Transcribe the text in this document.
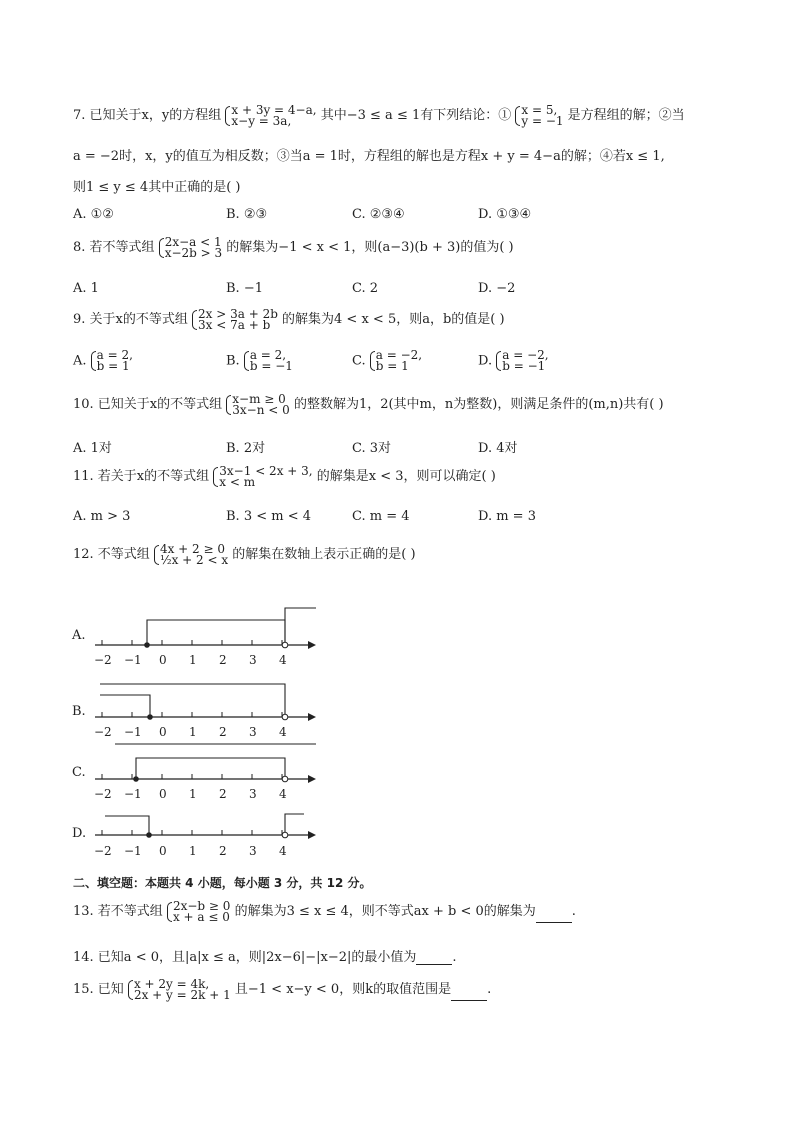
7. 已知关于x，y的方程组 x + 3y = 4−a,
x−y = 3a,	其中−3 ≤ a ≤ 1有下列结论：① x = 5,
y = −1 是方程组的解；②当
a = −2时，x，y的值互为相反数；③当a = 1时，方程组的解也是方程x + y = 4−a的解；④若x ≤ 1,
则1 ≤ y ≤ 4其中正确的是( )
A. ①②	B. ②③	C. ②③④	D. ①③④
8. 若不等式组 2x−a < 1
x−2b > 3 的解集为−1 < x < 1，则(a−3)(b + 3)的值为( )
A. 1	B. −1	C. 2	D. −2
9. 关于x的不等式组 2x > 3a + 2b
3x < 7a + b 的解集为4 < x < 5，则a，b的值是( )
A. a = 2,
b = 1	B. a = 2,
b = −1	C. a = −2,
b = 1	D. a = −2,
b = −1
10. 已知关于x的不等式组 x−m ≥ 0
3x−n < 0 的整数解为1，2(其中m，n为整数)，则满足条件的(m,n)共有( )
A. 1对	B. 2对	C. 3对	D. 4对
11. 若关于x的不等式组 3x−1 < 2x + 3,
x < m	的解集是x < 3，则可以确定( )
A. m > 3	B. 3 < m < 4	C. m = 4	D. m = 3
12. 不等式组 4x + 2 ≥ 0
½x + 2 < x 的解集在数轴上表示正确的是( )
A.
−2 −1 0 1 2 3 4
B.
−2 −1 0 1 2 3 4
C.
−2 −1 0 1 2 3 4
D.
−2 −1 0 1 2 3 4
二、填空题：本题共 4 小题，每小题 3 分，共 12 分。
13. 若不等式组 2x−b ≥ 0
x + a ≤ 0 的解集为3 ≤ x ≤ 4，则不等式ax + b < 0的解集为	.
14. 已知a < 0，且|a|x ≤ a，则|2x−6|−|x−2|的最小值为	.
15. 已知 x + 2y = 4k,
2x + y = 2k + 1 且−1 < x−y < 0，则k的取值范围是	.
